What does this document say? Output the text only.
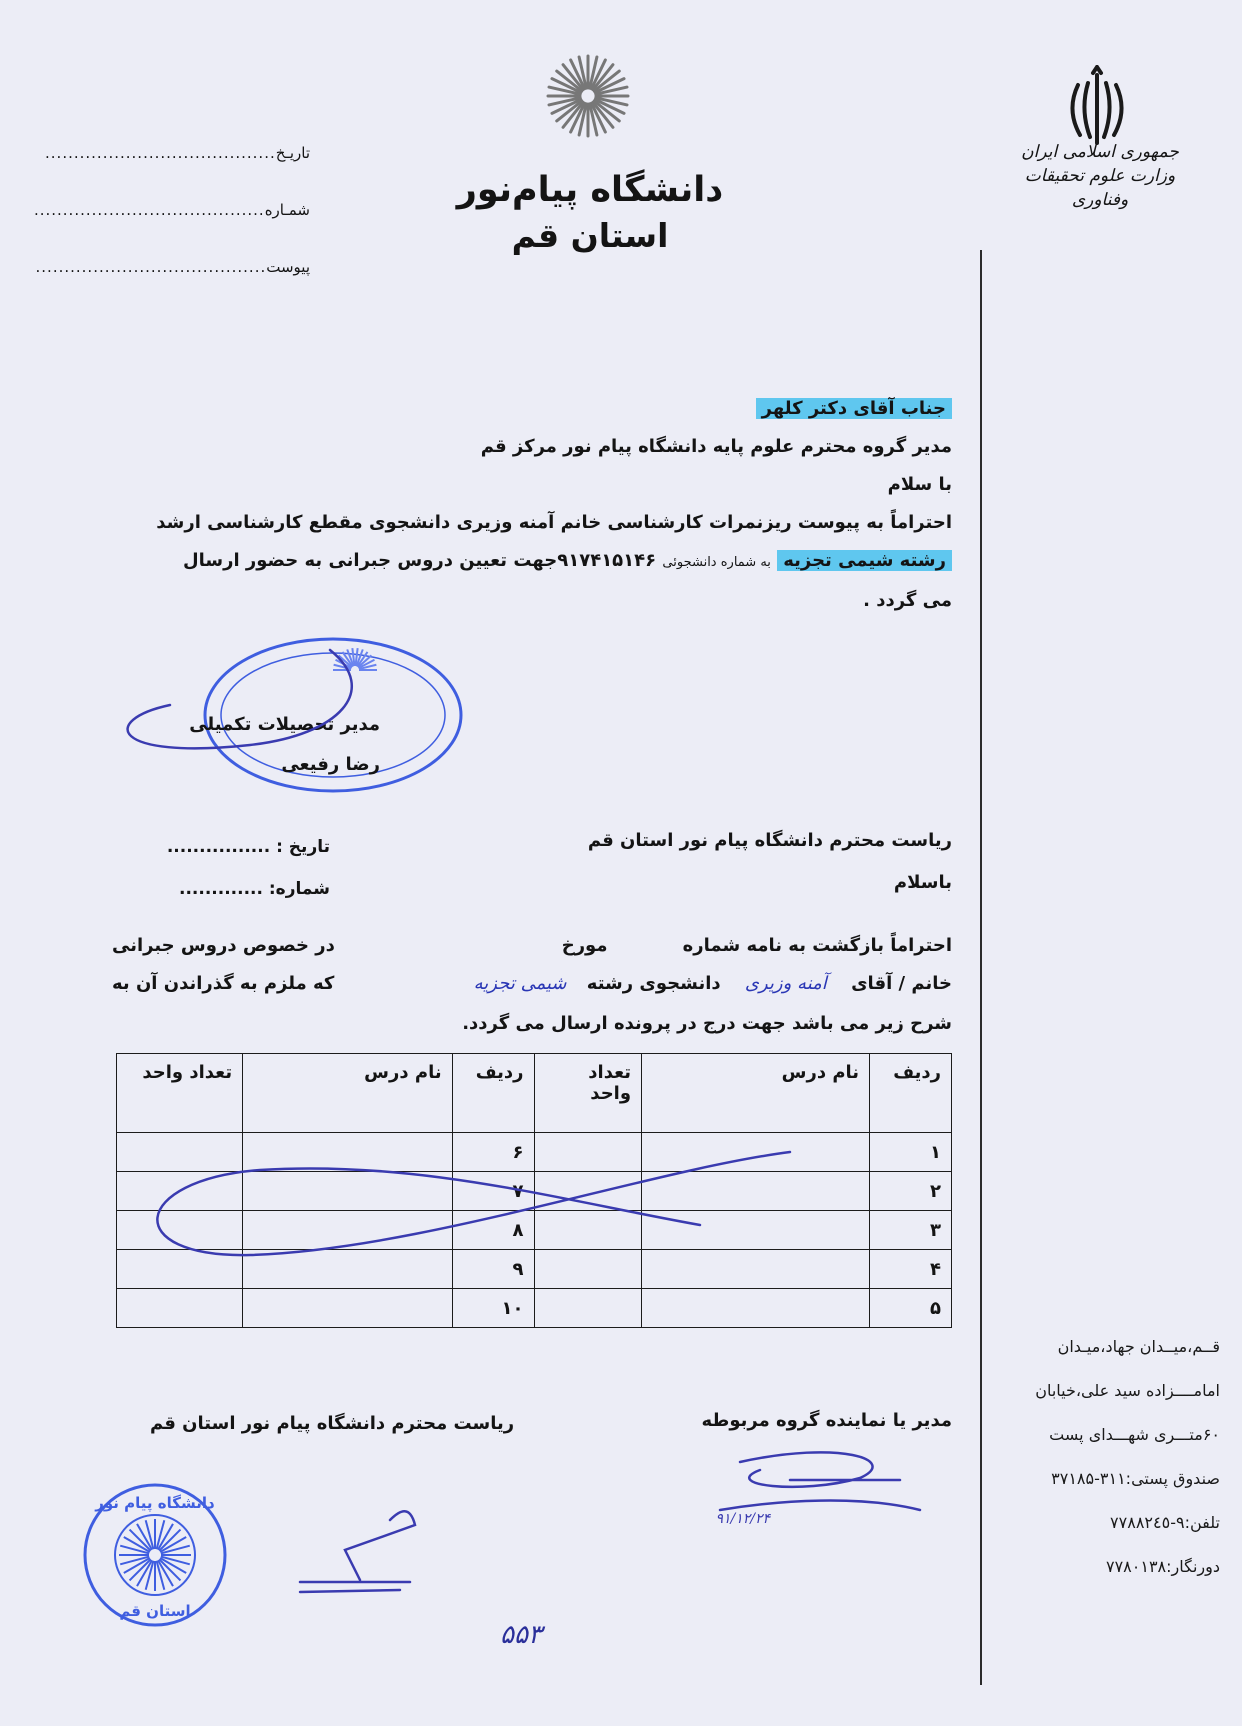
تاریـخ
........................................
شمـاره
........................................
پیوست
........................................
دانشگاه پیام‌نور
استان قم
جمهوری اسلامی ایران
وزارت علوم تحقیقات وفناوری
جناب آقای دکتر کلهر
مدیر گروه محترم علوم پایه دانشگاه پیام نور مرکز قم
با سلام
احتراماً به پیوست ریزنمرات کارشناسی خانم آمنه وزیری دانشجوی مقطع کارشناسی ارشد
رشته شیمی تجزیه به شماره دانشجوئی ۹۱۷۴۱۵۱۴۶جهت تعیین دروس جبرانی به حضور ارسال
می گردد .
مدیر تحصیلات تکمیلی
رضا رفیعی
تاریخ : ................
شماره: .............
ریاست محترم دانشگاه پیام نور استان قم
باسلام
احتراماً بازگشت به نامه شماره            مورخ
در خصوص دروس جبرانی
خانم / آقای آمنه وزیری دانشجوی رشته شیمی تجزیه
که ملزم به گذراندن آن به
شرح زیر می باشد جهت درج در پرونده ارسال می گردد.
ردیف	نام درس	تعداد واحد	ردیف	نام درس	تعداد واحد
۱			۶		
۲			۷		
۳			۸		
۴			۹		
۵			۱۰		
۹۱/۱۲/۲۴
مدیر یا نماینده گروه مربوطه
ریاست محترم دانشگاه پیام نور استان قم
دانشگاه پیام نور
استان قم
۵۵۳
قــم،میــدان جهاد،میـدان
امامــــزاده سید علی،خیابان
۶۰متـــری شهـــدای پست
صندوق پستی:۳۱۱-۳۷۱۸۵
تلفن:۹-۷۷۸۸۲٤٥
دورنگار:۷۷۸۰۱۳۸
